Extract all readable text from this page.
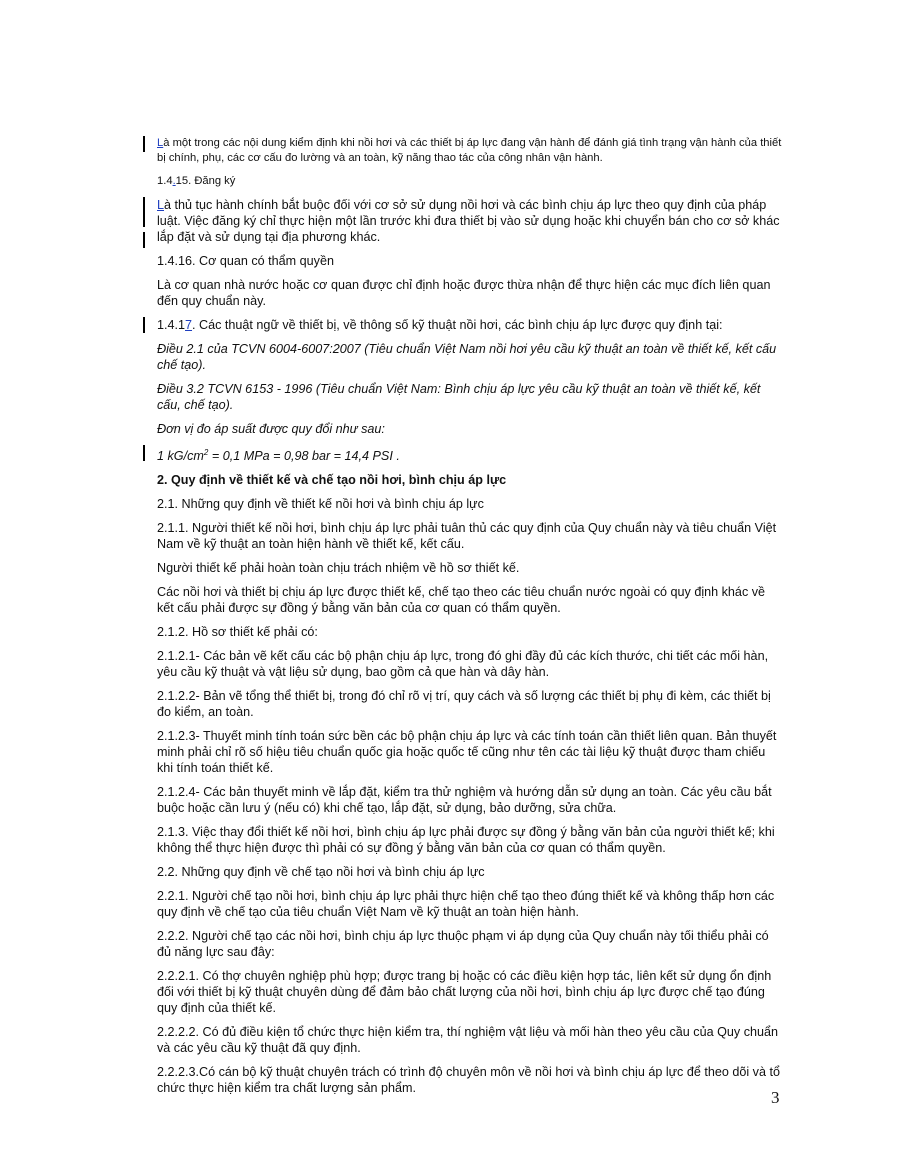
Là một trong các nội dung kiểm định khi nồi hơi và các thiết bị áp lực đang vận hành để đánh giá tình trạng vận hành của thiết bị chính, phụ, các cơ cấu đo lường và an toàn, kỹ năng thao tác của công nhân vận hành.

1.4.15. Đăng ký

Là thủ tục hành chính bắt buộc đối với cơ sở sử dụng nồi hơi và các bình chịu áp lực theo quy định của pháp luật. Việc đăng ký chỉ thực hiện một lần trước khi đưa thiết bị vào sử dụng hoặc khi chuyển bán cho cơ sở khác lắp đặt và sử dụng tại địa phương khác.

1.4.16. Cơ quan có thẩm quyền

Là cơ quan nhà nước hoặc cơ quan được chỉ định hoặc được thừa nhận để thực hiện các mục đích liên quan đến quy chuẩn này.

1.4.17. Các thuật ngữ về thiết bị, về thông số kỹ thuật nồi hơi, các bình chịu áp lực được quy định tại:

Điều 2.1 của TCVN 6004-6007:2007 (Tiêu chuẩn Việt Nam nồi hơi yêu cầu kỹ thuật an toàn về thiết kế, kết cấu chế tạo).

Điều 3.2 TCVN 6153 - 1996 (Tiêu chuẩn Việt Nam: Bình chịu áp lực yêu cầu kỹ thuật an toàn về thiết kế, kết cấu, chế tạo).

Đơn vị đo áp suất được quy đổi như sau:

1 $kG/cm^2 = 0,1$ MPa = 0,98 bar = 14,4 PSI .

2. Quy định về thiết kế và chế tạo nồi hơi, bình chịu áp lực

2.1. Những quy định về thiết kế nồi hơi và bình chịu áp lực

2.1.1. Người thiết kế nồi hơi, bình chịu áp lực phải tuân thủ các quy định của Quy chuẩn này và tiêu chuẩn Việt Nam về kỹ thuật an toàn hiện hành về thiết kế, kết cấu.

Người thiết kế phải hoàn toàn chịu trách nhiệm về hồ sơ thiết kế.

Các nồi hơi và thiết bị chịu áp lực được thiết kế, chế tạo theo các tiêu chuẩn nước ngoài có quy định khác về kết cấu phải được sự đồng ý bằng văn bản của cơ quan có thẩm quyền.

2.1.2. Hồ sơ thiết kế phải có:

2.1.2.1- Các bản vẽ kết cấu các bộ phận chịu áp lực, trong đó ghi đầy đủ các kích thước, chi tiết các mối hàn, yêu cầu kỹ thuật và vật liệu sử dụng, bao gồm cả que hàn và dây hàn.

2.1.2.2- Bản vẽ tổng thể thiết bị, trong đó chỉ rõ vị trí, quy cách và số lượng các thiết bị phụ đi kèm, các thiết bị đo kiểm, an toàn.

2.1.2.3- Thuyết minh tính toán sức bền các bộ phận chịu áp lực và các tính toán cần thiết liên quan. Bản thuyết minh phải chỉ rõ số hiệu tiêu chuẩn quốc gia hoặc quốc tế cũng như tên các tài liệu kỹ thuật được tham chiếu khi tính toán thiết kế.

2.1.2.4- Các bản thuyết minh về lắp đặt, kiểm tra thử nghiệm và hướng dẫn sử dụng an toàn. Các yêu cầu bắt buộc hoặc cần lưu ý (nếu có) khi chế tạo, lắp đặt, sử dụng, bảo dưỡng, sửa chữa.

2.1.3. Việc thay đổi thiết kế nồi hơi, bình chịu áp lực phải được sự đồng ý bằng văn bản của người thiết kế; khi không thể thực hiện được thì phải có sự đồng ý bằng văn bản của cơ quan có thẩm quyền.

2.2. Những quy định về chế tạo nồi hơi và bình chịu áp lực

2.2.1. Người chế tạo nồi hơi, bình chịu áp lực phải thực hiện chế tạo theo đúng thiết kế và không thấp hơn các quy định về chế tạo của tiêu chuẩn Việt Nam về kỹ thuật an toàn hiện hành.

2.2.2. Người chế tạo các nồi hơi, bình chịu áp lực thuộc phạm vi áp dụng của Quy chuẩn này tối thiểu phải có đủ năng lực sau đây:

2.2.2.1. Có thợ chuyên nghiệp phù hợp; được trang bị hoặc có các điều kiện hợp tác, liên kết sử dụng ổn định đối với thiết bị kỹ thuật chuyên dùng để đảm bảo chất lượng của nồi hơi, bình chịu áp lực được chế tạo đúng quy định của thiết kế.

2.2.2.2. Có đủ điều kiện tổ chức thực hiện kiểm tra, thí nghiệm vật liệu và mối hàn theo yêu cầu của Quy chuẩn và các yêu cầu kỹ thuật đã quy định.

2.2.2.3.Có cán bộ kỹ thuật chuyên trách có trình độ chuyên môn về nồi hơi và bình chịu áp lực để theo dõi và tổ chức thực hiện kiểm tra chất lượng sản phẩm.	3
